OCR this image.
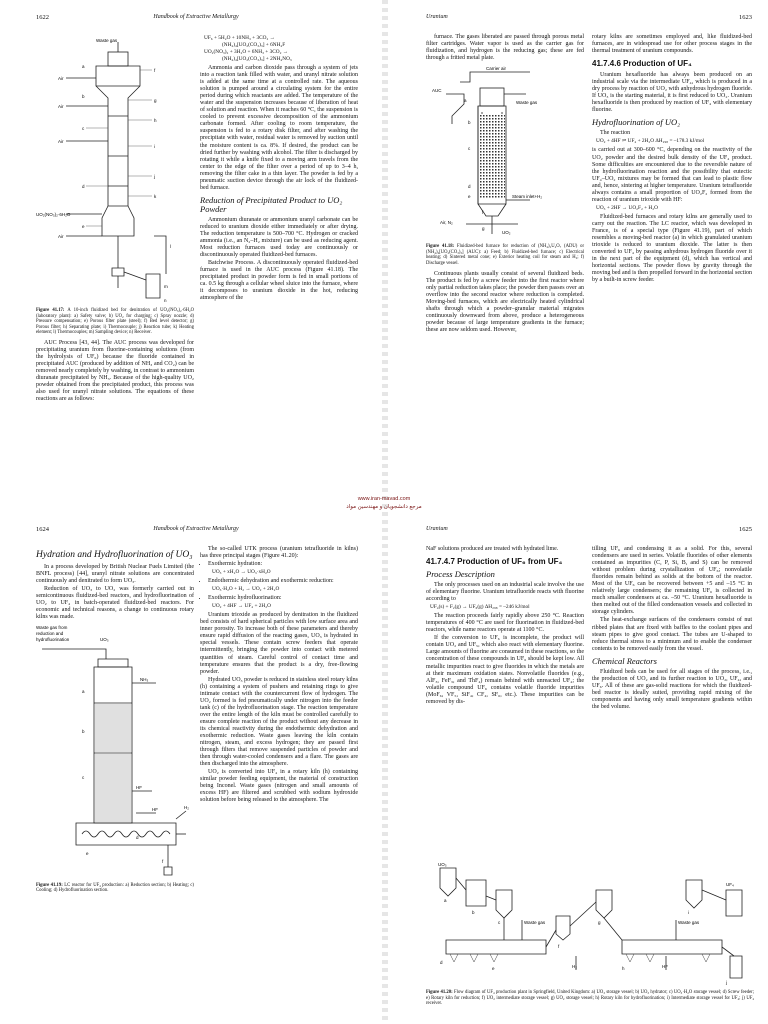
1622	Handbook of Extractive Metallurgy
Waste gas
Air
Air
Air
Air
UO₂(NO₃)₂·6H₂O
a
b
c
d
e
f
g
h
i
j
k
l
m
n

Figure 41.17: A 10-inch fluidized bed for denitration of UO₂(NO₃)₂·6H₂O (laboratory plant): a) Safety valve; b) UO₂ for charging; c) Spray nozzle; d) Pressure compensation; e) Porous filter plate (steel); f) Bed level detector; g) Porous filter; h) Separating plate; i) Thermocouple; j) Reaction tube; k) Heating element; l) Thermocouples; m) Sampling device; n) Receiver.

AUC Process [43, 44]. The AUC process was developed for precipitating uranium from fluorine-containing solutions (from the hydrolysis of UF₆) because the fluoride contained in precipitated AUC (produced by addition of NH₃ and CO₂) can be removed nearly completely by washing, in contrast to ammonium diuranate precipitated by NH₃. Because of the high-quality UO₂ powder obtained from the precipitated product, this process was also used for uranyl nitrate solutions. The equations of these reactions are as follows:

UF₆ + 5H₂O + 10NH₃ + 3CO₂ →
(NH₄)₄[UO₂(CO₃)₃] + 6NH₄F
UO₂(NO₃)₂ + 3H₂O + 6NH₃ + 3CO₂ →
(NH₄)₄[UO₂(CO₃)₃] + 2NH₄NO₃

Ammonia and carbon dioxide pass through a system of jets into a reaction tank filled with water, and uranyl nitrate solution is added at the same time at a controlled rate. The aqueous solution is pumped around a circulating system for the entire period during which reactants are added. The temperature of the water and the suspension increases because of liberation of heat of solution and reaction. When it reaches 60 °C, the suspension is cooled to prevent excessive decomposition of the ammonium carbonate formed. After cooling to room temperature, the suspension is fed to a rotary disk filter, and after washing the precipitate with water, residual water is removed by suction until the moisture content is ca. 8%. If desired, the product can be dried further by washing with alcohol. The filter is discharged by rotating it while a knife fixed to a moving arm travels from the center to the edge of the filter over a period of up to 3–4 h, removing the filter cake in a thin layer. The powder is fed by a pneumatic suction device through the air lock of the fluidized-bed furnace.

Reduction of Precipitated Product to UO₂ Powder

Ammonium diuranate or ammonium uranyl carbonate can be reduced to uranium dioxide either immediately or after drying. The reduction temperature is 500–700 °C. Hydrogen or cracked ammonia (i.e., an N₂–H₂ mixture) can be used as reducing agent. Most reduction furnaces used today are continuously or discontinuously operated fluidized-bed furnaces.

Batchwise Process. A discontinuously operated fluidized-bed furnace is used in the AUC process (Figure 41.18). The precipitated product in powder form is fed in small portions of ca. 0.5 kg through a cellular wheel sluice into the furnace, where it decomposes to uranium dioxide in the hot, reducing atmosphere of the

Uranium	1623

furnace. The gases liberated are passed through porous metal filter cartridges. Water vapor is used as the carrier gas for fluidization, and hydrogen is the reducing gas; these are fed through a fritted metal plate.

Carrier air
AUC
Waste gas
Steam inlet+H₂
Air, N₂
UO₂
a
b
c
d
e
f
g

Figure 41.18: Fluidized-bed furnace for reduction of (NH₄)₂U₂O₇ (ADU) or (NH₄)₄[UO₂(CO₃)₃] (AUC): a) Feed; b) Fluidized-bed furnace; c) Electrical heating; d) Sintered metal cone; e) Exterior heating coil for steam and H₂; f) Discharge vessel.

Continuous plants usually consist of several fluidized beds. The product is fed by a screw feeder into the first reactor where only partial reduction takes place; the powder then passes over an overflow into the second reactor where reduction is completed. Moving-bed furnaces, which are electrically heated cylindrical shafts through which a powder–granular material migrates continuously downward from above, produce a heterogeneous powder because of large temperature gradients in the furnace; these are now seldom used. However,

rotary kilns are sometimes employed and, like fluidized-bed furnaces, are in widespread use for other process stages in the thermal treatment of uranium compounds.

41.7.4.6 Production of UF₄

Uranium hexafluoride has always been produced on an industrial scale via the intermediate UF₄, which is produced in a dry process by reaction of UO₂ with anhydrous hydrogen fluoride. If UO₃ is the starting material, it is first reduced to UO₂. Uranium hexafluoride is then produced by reaction of UF₄ with elementary fluorine.

Hydrofluorination of UO₂

The reaction

UO₂ + 4HF ⇌ UF₄ + 2H₂O ΔH₂₉₈ = –178.3 kJ/mol

is carried out at 300–600 °C, depending on the reactivity of the UO₂ powder and the desired bulk density of the UF₄ product. Some difficulties are encountered due to the reversible nature of the hydrofluorination reaction and the possibility that eutectic UF₄–UO₂ mixtures may be formed that can lead to plastic flow and, hence, sintering at higher temperature. Uranium tetrafluoride always contains a small proportion of UO₂F₂ formed from the reaction of uranium trioxide with HF:

UO₃ + 2HF → UO₂F₂ + H₂O

Fluidized-bed furnaces and rotary kilns are generally used to carry out the reaction. The LC reactor, which was developed in France, is of a special type (Figure 41.19), part of which resembles a moving-bed reactor (a) in which granulated uranium trioxide is reduced to uranium dioxide. The latter is then converted to UF₄ by passing anhydrous hydrogen fluoride over it in the next part of the equipment (d), which has vertical and horizontal sections. The powder flows by gravity through the moving bed and is then propelled forward in the horizontal section by a built-in screw feeder.

www.iran-mavad.com
مرجع دانشجويان و مهندسين مواد
1624	Handbook of Extractive Metallurgy
Hydration and Hydrofluorination of UO₃

In a process developed by British Nuclear Fuels Limited (the BNFL process) [44], uranyl nitrate solutions are concentrated continuously and denitrated to form UO₃.

Reduction of UO₃ to UO₂ was formerly carried out in semicontinuous fluidized-bed reactors, and hydrofluorination of UO₂ to UF₄ in batch-operated fluidized-bed reactors. For economic and technical reasons, a change to continuous rotary kilns was made.

Waste gas from
reduction and
hydrofluorination	UO₃
a
b
c
d
e
f
NH₃
HF
HF	H₂

Figure 41.19: LC reactor for UF₄ production: a) Reduction section; b) Heating; c) Cooling; d) Hydrofluorination section.

The so-called UTK process (uranium tetrafluoride in kilns) has three principal stages (Figure 41.20):

• Exothermic hydration:
UO₃ + xH₂O → UO₃·xH₂O
• Endothermic dehydration and exothermic reduction:
UO₃·H₂O + H₂ → UO₂ + 2H₂O
• Exothermic hydrofluorination:
UO₂ + 4HF → UF₄ + 2H₂O

Uranium trioxide as produced by denitration in the fluidized bed consists of hard spherical particles with low surface area and inner porosity. To increase both of these parameters and thereby ensure rapid diffusion of the reacting gases, UO₃ is hydrated in special vessels. These contain screw feeders that operate intermittently, bringing the powder into contact with metered quantities of steam. Careful control of contact time and temperature ensures that the product is a dry, free-flowing powder.

Hydrated UO₃ powder is reduced in stainless steel rotary kilns (h) containing a system of pushers and retaining rings to give intimate contact with the countercurrent flow of hydrogen. The UO₂ formed is fed pneumatically under nitrogen into the feeder tank (c) of the hydrofluorination stage. The reaction temperature over the entire length of the kiln must be controlled carefully to ensure complete reaction of the product without any decrease in its chemical reactivity during the endothermic dehydration and exothermic reduction. Waste gases leaving the kiln contain nitrogen, steam, and excess hydrogen; they are passed first through filters that remove suspended particles of powder and then through water-cooled condensers and a flare. The gases are then discharged into the atmosphere.

UO₂ is converted into UF₄ in a rotary kiln (h) containing similar powder feeding equipment, the material of construction being Inconel. Waste gases (nitrogen and small amounts of excess HF) are filtered and scrubbed with sodium hydroxide solution before being released to the atmosphere. The

Uranium	1625

NaF solutions produced are treated with hydrated lime.

41.7.4.7 Production of UF₆ from UF₄
Process Description

The only processes used on an industrial scale involve the use of elementary fluorine. Uranium tetrafluoride reacts with fluorine according to

UF₄(s) + F₂(g) → UF₆(g) ΔH₂₉₈ = –246 kJ/mol

The reaction proceeds fairly rapidly above 250 °C. Reaction temperatures of 400 °C are used for fluorination in fluidized-bed reactors, while name reactors operate at 1100 °C.

If the conversion to UF₆ is incomplete, the product will contain UO₂ and UF₅, which also react with elementary fluorine. Large amounts of fluorine are consumed in these reactions, so the concentration of these compounds in UF₆ should be kept low. All metallic impurities react to give fluorides in which the metals are at their maximum oxidation states. Nonvolatile fluorides (e.g., AlF₃, FeF₃, and ThF₄) remain behind with unreacted UF₄; the volatile compound UF₆ contains volatile fluoride impurities (MoF₆, VF₅, SiF₄, CF₄, SF₆, etc.). These impurities can be removed by dis-

tilling UF₆ and condensing it as a solid. For this, several condensers are used in series. Volatile fluorides of other elements contained as impurities (C, P, Si, B, and S) can be removed without problem during crystallization of UF₆; nonvolatile fluorides remain behind as solids at the bottom of the reactor. Most of the UF₆ can be recovered between +5 and –15 °C in relatively large condensers; the remaining UF₆ is collected in much smaller condensers at ca. –50 °C. Uranium hexafluoride is then melted out of the filled condensation vessels and collected in storage cylinders.

The heat-exchange surfaces of the condensers consist of nut ribbed plates that are fixed with baffles to the coolant pipes and steam pipes to give good contact. The tubes are U-shaped to reduce thermal stress to a minimum and to enable the condenser contents to be removed easily from the vessel.

Chemical Reactors

Fluidized beds can be used for all stages of the process, i.e., the production of UO₂ and its further reaction to UO₂, UF₄, and UF₆. All of these are gas-solid reactions for which the fluidized-bed reactor is ideally suited, providing rapid mixing of the components and having only small temperature gradients within the bed volume.

UO₃
UF₄
H₂	HF
Waste gas	Waste gas
a
b
c
d
e
f
g
h
i
j

Figure 41.20: Flow diagram of UF₄ production plant in Springfield, United Kingdom: a) UO₃ storage vessel; b) UO₃ hydrator; c) UO₃·H₂O storage vessel; d) Screw feeder; e) Rotary kiln for reduction; f) UO₂ intermediate storage vessel; g) UO₂ storage vessel; h) Rotary kiln for hydrofluorination; i) Intermediate storage vessel for UF₄; j) UF₄ receiver.
